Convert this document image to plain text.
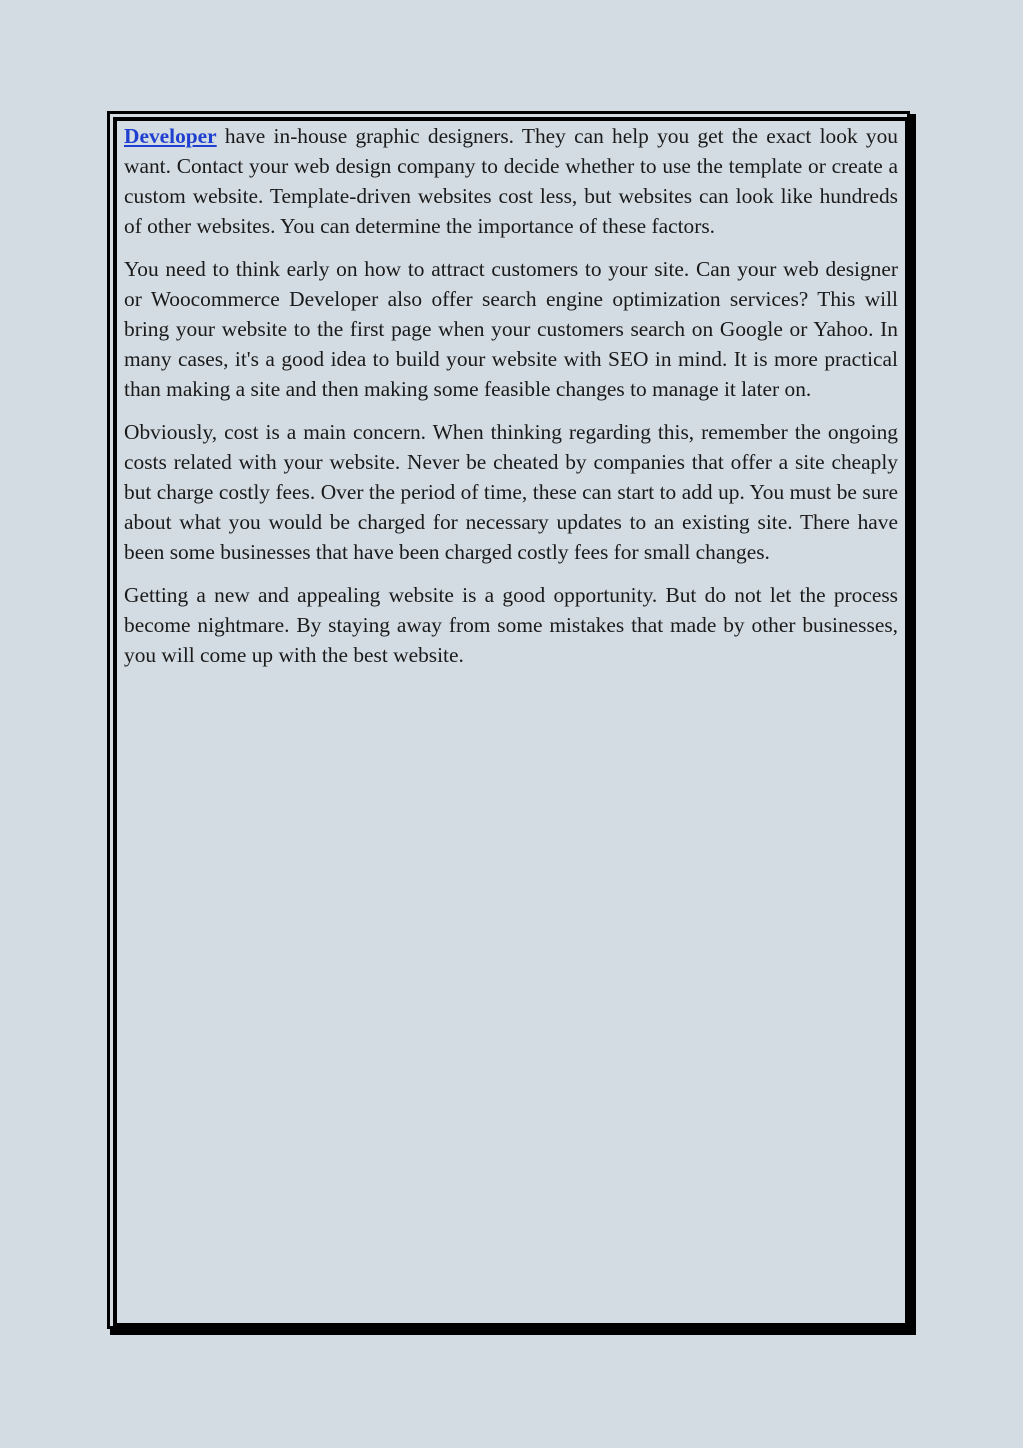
Developer have in-house graphic designers. They can help you get the exact look you want. Contact your web design company to decide whether to use the template or create a custom website. Template-driven websites cost less, but websites can look like hundreds of other websites. You can determine the importance of these factors.

You need to think early on how to attract customers to your site. Can your web designer or Woocommerce Developer also offer search engine optimization services? This will bring your website to the first page when your customers search on Google or Yahoo. In many cases, it's a good idea to build your website with SEO in mind. It is more practical than making a site and then making some feasible changes to manage it later on.

Obviously, cost is a main concern. When thinking regarding this, remember the ongoing costs related with your website. Never be cheated by companies that offer a site cheaply but charge costly fees. Over the period of time, these can start to add up. You must be sure about what you would be charged for necessary updates to an existing site. There have been some businesses that have been charged costly fees for small changes.

Getting a new and appealing website is a good opportunity. But do not let the process become nightmare. By staying away from some mistakes that made by other businesses, you will come up with the best website.
